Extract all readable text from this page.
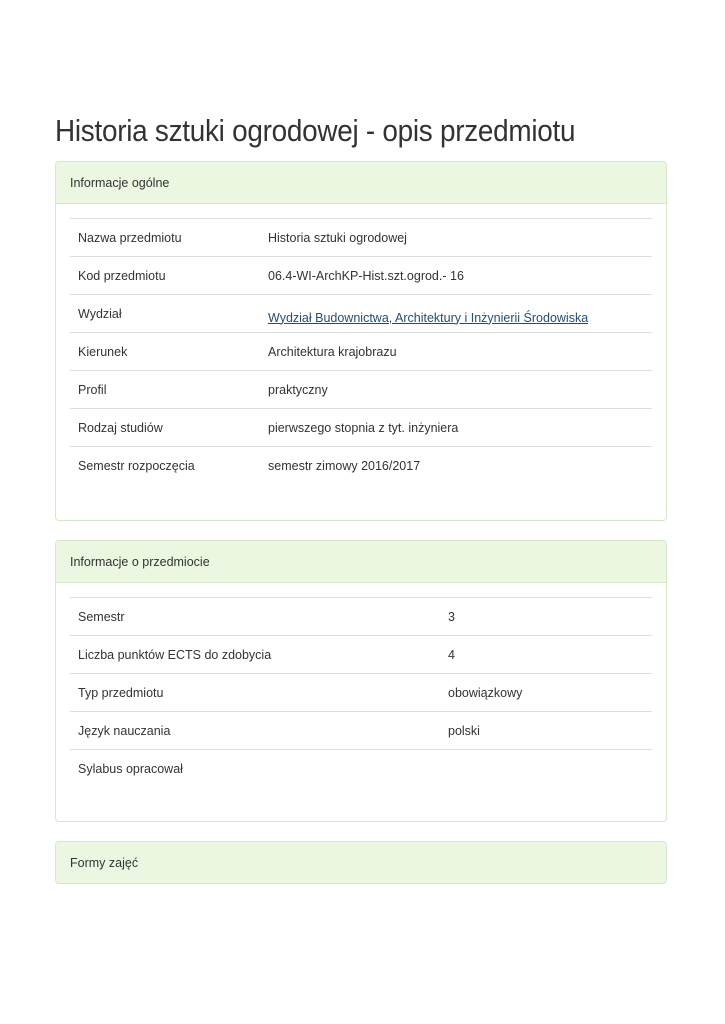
Historia sztuki ogrodowej - opis przedmiotu
Informacje ogólne
Nazwa przedmiotu	Historia sztuki ogrodowej
Kod przedmiotu	06.4-WI-ArchKP-Hist.szt.ogrod.- 16
Wydział	Wydział Budownictwa, Architektury i Inżynierii Środowiska
Kierunek	Architektura krajobrazu
Profil	praktyczny
Rodzaj studiów	pierwszego stopnia z tyt. inżyniera
Semestr rozpoczęcia	semestr zimowy 2016/2017
Informacje o przedmiocie
Semestr	3
Liczba punktów ECTS do zdobycia	4
Typ przedmiotu	obowiązkowy
Język nauczania	polski
Sylabus opracował	
Formy zajęć
